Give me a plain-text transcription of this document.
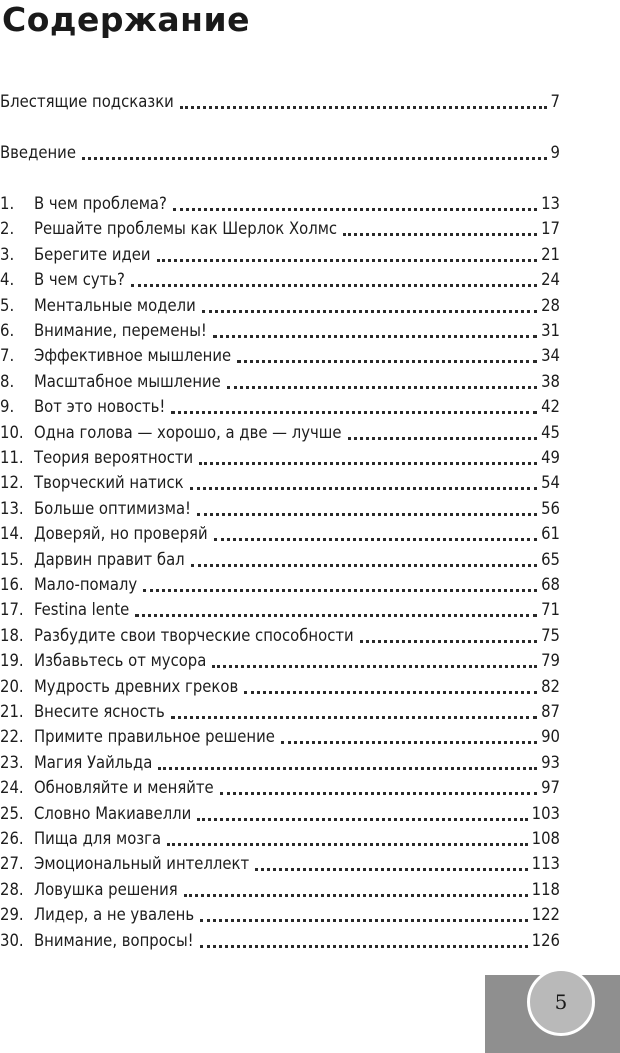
Содержание
Блестящие подсказки	7
Введение	9
1.	В чем проблема?	13
2.	Решайте проблемы как Шерлок Холмс	17
3.	Берегите идеи	21
4.	В чем суть?	24
5.	Ментальные модели	28
6.	Внимание, перемены!	31
7.	Эффективное мышление	34
8.	Масштабное мышление	38
9.	Вот это новость!	42
10. Одна голова — хорошо, а две — лучше	45
11. Теория вероятности	49
12. Творческий натиск	54
13. Больше оптимизма!	56
14. Доверяй, но проверяй	61
15. Дарвин правит бал	65
16. Мало-помалу	68
17. Festina lente	71
18. Разбудите свои творческие способности	75
19. Избавьтесь от мусора	79
20. Мудрость древних греков	82
21. Внесите ясность	87
22. Примите правильное решение	90
23. Магия Уайльда	93
24. Обновляйте и меняйте	97
25. Словно Макиавелли	103
26. Пища для мозга	108
27. Эмоциональный интеллект	113
28. Ловушка решения	118
29. Лидер, а не увалень	122
30. Внимание, вопросы!	126
5
